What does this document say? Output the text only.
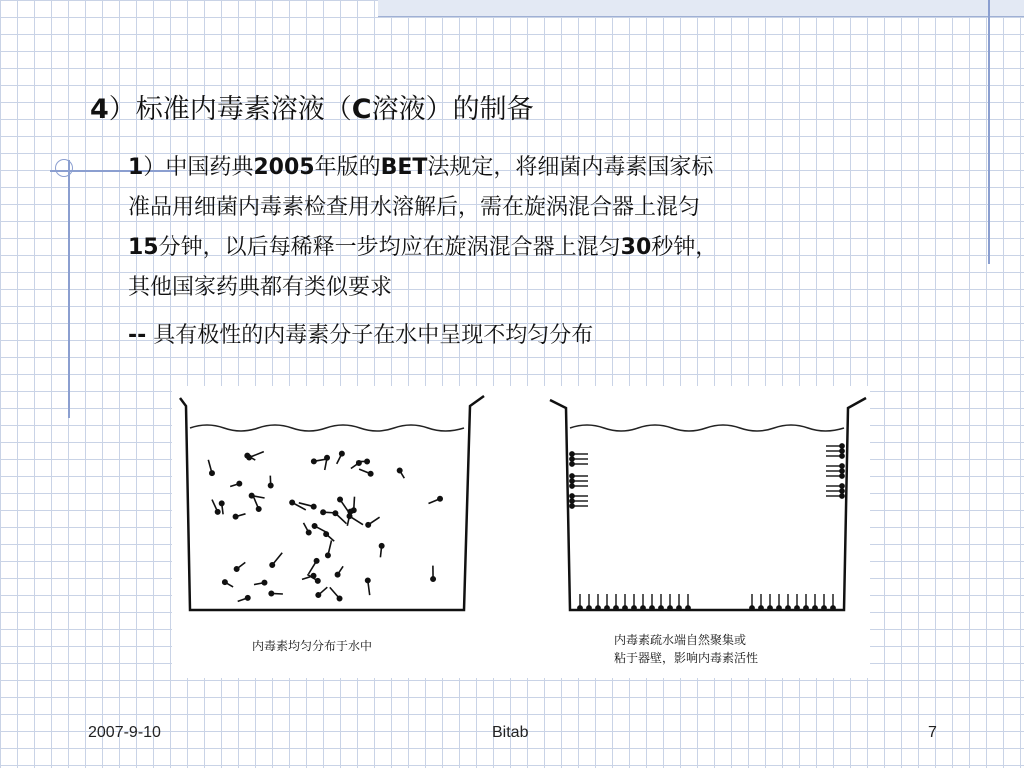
4）标准内毒素溶液（C溶液）的制备
1）中国药典2005年版的BET法规定，将细菌内毒素国家标
准品用细菌内毒素检查用水溶解后，需在旋涡混合器上混匀
15分钟，以后每稀释一步均应在旋涡混合器上混匀30秒钟，
其他国家药典都有类似要求
-- 具有极性的内毒素分子在水中呈现不均匀分布
内毒素均匀分布于水中	内毒素疏水端自然聚集或
粘于器壁，影响内毒素活性
2007-9-10	Bitab	7
